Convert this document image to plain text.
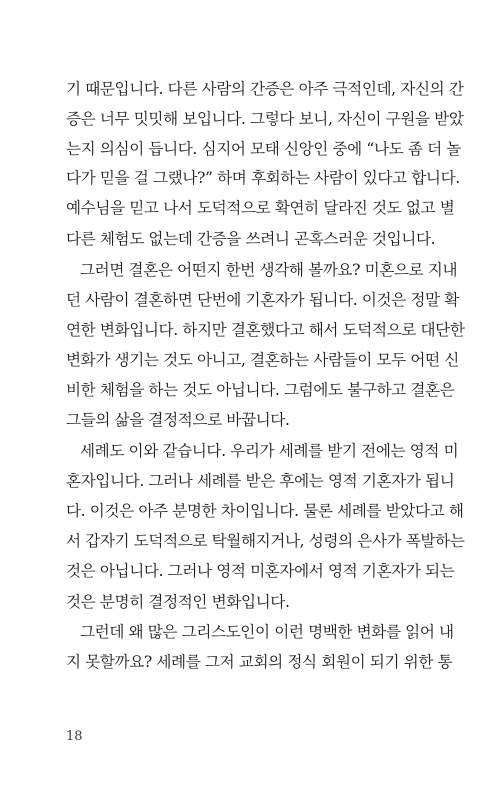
기 때문입니다. 다른 사람의 간증은 아주 극적인데, 자신의 간
증은 너무 밋밋해 보입니다. 그렇다 보니, 자신이 구원을 받았
는지 의심이 듭니다. 심지어 모태 신앙인 중에 “나도 좀 더 놀
다가 믿을 걸 그랬나?” 하며 후회하는 사람이 있다고 합니다.
예수님을 믿고 나서 도덕적으로 확연히 달라진 것도 없고 별
다른 체험도 없는데 간증을 쓰려니 곤혹스러운 것입니다.
그러면 결혼은 어떤지 한번 생각해 볼까요? 미혼으로 지내
던 사람이 결혼하면 단번에 기혼자가 됩니다. 이것은 정말 확
연한 변화입니다. 하지만 결혼했다고 해서 도덕적으로 대단한
변화가 생기는 것도 아니고, 결혼하는 사람들이 모두 어떤 신
비한 체험을 하는 것도 아닙니다. 그럼에도 불구하고 결혼은
그들의 삶을 결정적으로 바꿉니다.
세례도 이와 같습니다. 우리가 세례를 받기 전에는 영적 미
혼자입니다. 그러나 세례를 받은 후에는 영적 기혼자가 됩니
다. 이것은 아주 분명한 차이입니다. 물론 세례를 받았다고 해
서 갑자기 도덕적으로 탁월해지거나, 성령의 은사가 폭발하는
것은 아닙니다. 그러나 영적 미혼자에서 영적 기혼자가 되는
것은 분명히 결정적인 변화입니다.
그런데 왜 많은 그리스도인이 이런 명백한 변화를 읽어 내
지 못할까요? 세례를 그저 교회의 정식 회원이 되기 위한 통
18
